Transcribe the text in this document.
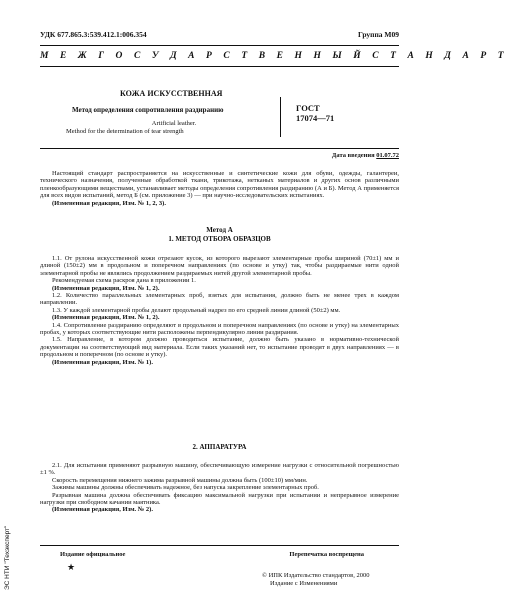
УДК 677.865.3:539.412.1:006.354	Группа М09
М Е Ж Г О С У Д А Р С Т В Е Н Н Ы Й С Т А Н Д А Р Т
КОЖА ИСКУССТВЕННАЯ
Метод определения сопротивления раздиранию
Artificial leather.
Method for the determination of tear strength
ГОСТ
17074—71
Дата введения 01.07.72

Настоящий стандарт распространяется на искусственные и синтетические кожи для обуви, одежды, галантереи, технического назначения, полученные обработкой ткани, трикотажа, нетканых материалов и других основ различными пленкообразующими веществами, устанавливает методы определения сопротивления раздиранию (А и Б). Метод А применяется для всех видов испытаний, метод Б (см. приложение 3) — при научно-исследовательских испытаниях.

(Измененная редакция, Изм. № 1, 2, 3).

Метод А
1. МЕТОД ОТБОРА ОБРАЗЦОВ

1.1. От рулона искусственной кожи отрезают кусок, из которого вырезают элементарные пробы шириной (70±1) мм и длиной (150±2) мм в продольном и поперечном направлениях (по основе и утку) так, чтобы раздираемые нити одной элементарной пробы не являлись продолжением раздираемых нитей другой элементарной пробы.

Рекомендуемая схема раскроя дана в приложении 1.

(Измененная редакция, Изм. № 1, 2).

1.2. Количество параллельных элементарных проб, взятых для испытания, должно быть не менее трех в каждом направлении.

1.3. У каждой элементарной пробы делают продольный надрез по его средней линии длиной (50±2) мм.

(Измененная редакция, Изм. № 1, 2).

1.4. Сопротивление раздиранию определяют в продольном и поперечном направлениях (по основе и утку) на элементарных пробах, у которых соответствующие нити расположены перпендикулярно линии раздирания.

1.5. Направление, в котором должно проводиться испытание, должно быть указано в нормативно-технической документации на соответствующий вид материала. Если таких указаний нет, то испытание проводят в двух направлениях — в продольном и поперечном (по основе и утку).

(Измененная редакция, Изм. № 1).

2. АППАРАТУРА

2.1. Для испытания применяют разрывную машину, обеспечивающую измерение нагрузки с относительной погрешностью ±1 %.

Скорость перемещения нижнего зажима разрывной машины должна быть (100±10) мм/мин.

Зажимы машины должны обеспечивать надежное, без напуска закрепление элементарных проб.

Разрывная машина должна обеспечивать фиксацию максимальной нагрузки при испытании и непрерывное измерение нагрузки при свободном качании маятника.

(Измененная редакция, Изм. № 2).

Издание официальное	Перепечатка воспрещена
★
© ИПК Издательство стандартов, 2000
Издание с Изменениями
ЭС НТИ "Техэксперт"
